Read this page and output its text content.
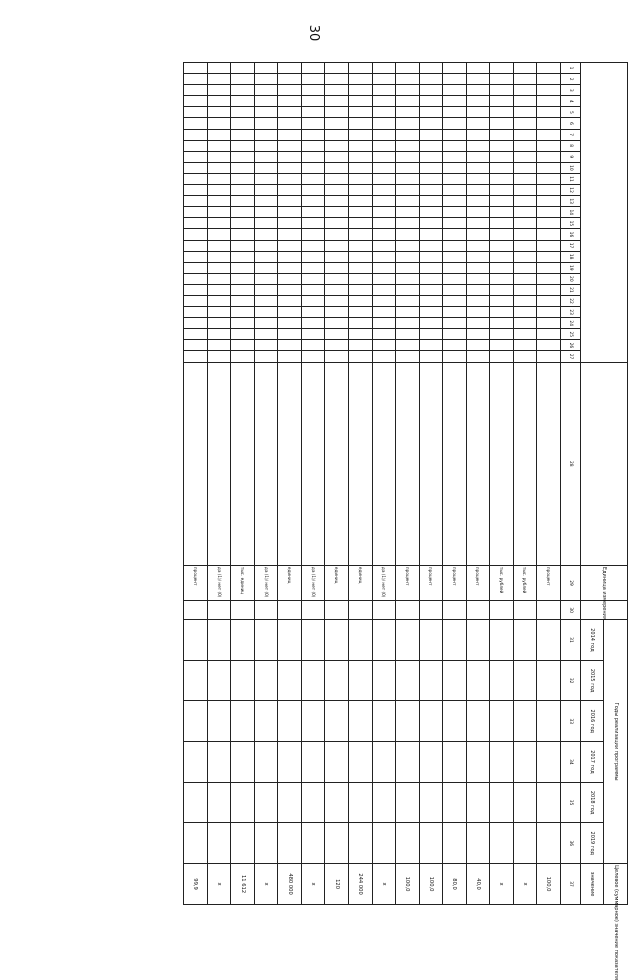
30
																												Единица измерения		Годы реализации программы						Целевое (суммарное) значение показателя
																														2014 год	2015 год	2016 год	2017 год	2018 год	2019 год	значение
1	2	3	4	5	6	7	8	9	10	11	12	13	14	15	16	17	18	19	20	21	22	23	24	25	26	27	28	29	30	31	32	33	34	35	36	37
																												процент								100,0
																												тыс. рублей								х
																												тыс. рублей								х
																												процент								40,0
																												процент								80,0
																												процент								100,0
																												процент								100,0
																												да (1)/ нет (0)								х
																												единиц								244 000
																												единиц								120
																												да (1)/ нет (0)								х
																												единиц								480 000
																												да (1)/ нет (0)								х
																												тыс. единиц								11 612
																												да (1)/ нет (0)								х
																												процент								99,9
